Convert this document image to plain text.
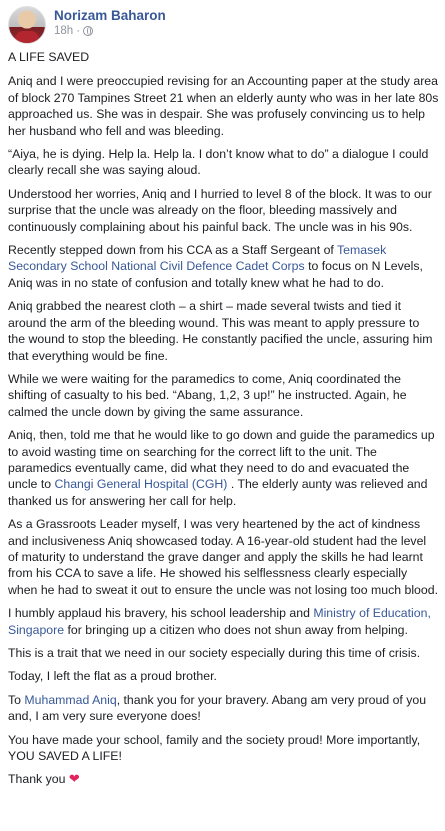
Norizam Baharon
18h ·

A LIFE SAVED

Aniq and I were preoccupied revising for an Accounting paper at the study area of block 270 Tampines Street 21 when an elderly aunty who was in her late 80s approached us. She was in despair. She was profusely convincing us to help her husband who fell and was bleeding.

“Aiya, he is dying. Help la. Help la. I don’t know what to do” a dialogue I could clearly recall she was saying aloud.

Understood her worries, Aniq and I hurried to level 8 of the block. It was to our surprise that the uncle was already on the floor, bleeding massively and continuously complaining about his painful back. The uncle was in his 90s.

Recently stepped down from his CCA as a Staff Sergeant of Temasek Secondary School National Civil Defence Cadet Corps to focus on N Levels, Aniq was in no state of confusion and totally knew what he had to do.

Aniq grabbed the nearest cloth – a shirt – made several twists and tied it around the arm of the bleeding wound. This was meant to apply pressure to the wound to stop the bleeding. He constantly pacified the uncle, assuring him that everything would be fine.

While we were waiting for the paramedics to come, Aniq coordinated the shifting of casualty to his bed. “Abang, 1,2, 3 up!” he instructed. Again, he calmed the uncle down by giving the same assurance.

Aniq, then, told me that he would like to go down and guide the paramedics up to avoid wasting time on searching for the correct lift to the unit. The paramedics eventually came, did what they need to do and evacuated the uncle to Changi General Hospital (CGH) . The elderly aunty was relieved and thanked us for answering her call for help.

As a Grassroots Leader myself, I was very heartened by the act of kindness and inclusiveness Aniq showcased today. A 16-year-old student had the level of maturity to understand the grave danger and apply the skills he had learnt from his CCA to save a life. He showed his selflessness clearly especially when he had to sweat it out to ensure the uncle was not losing too much blood.

I humbly applaud his bravery, his school leadership and Ministry of Education, Singapore for bringing up a citizen who does not shun away from helping.

This is a trait that we need in our society especially during this time of crisis.

Today, I left the flat as a proud brother.

To Muhammad Aniq, thank you for your bravery. Abang am very proud of you and, I am very sure everyone does!

You have made your school, family and the society proud! More importantly, YOU SAVED A LIFE!

Thank you ❤
